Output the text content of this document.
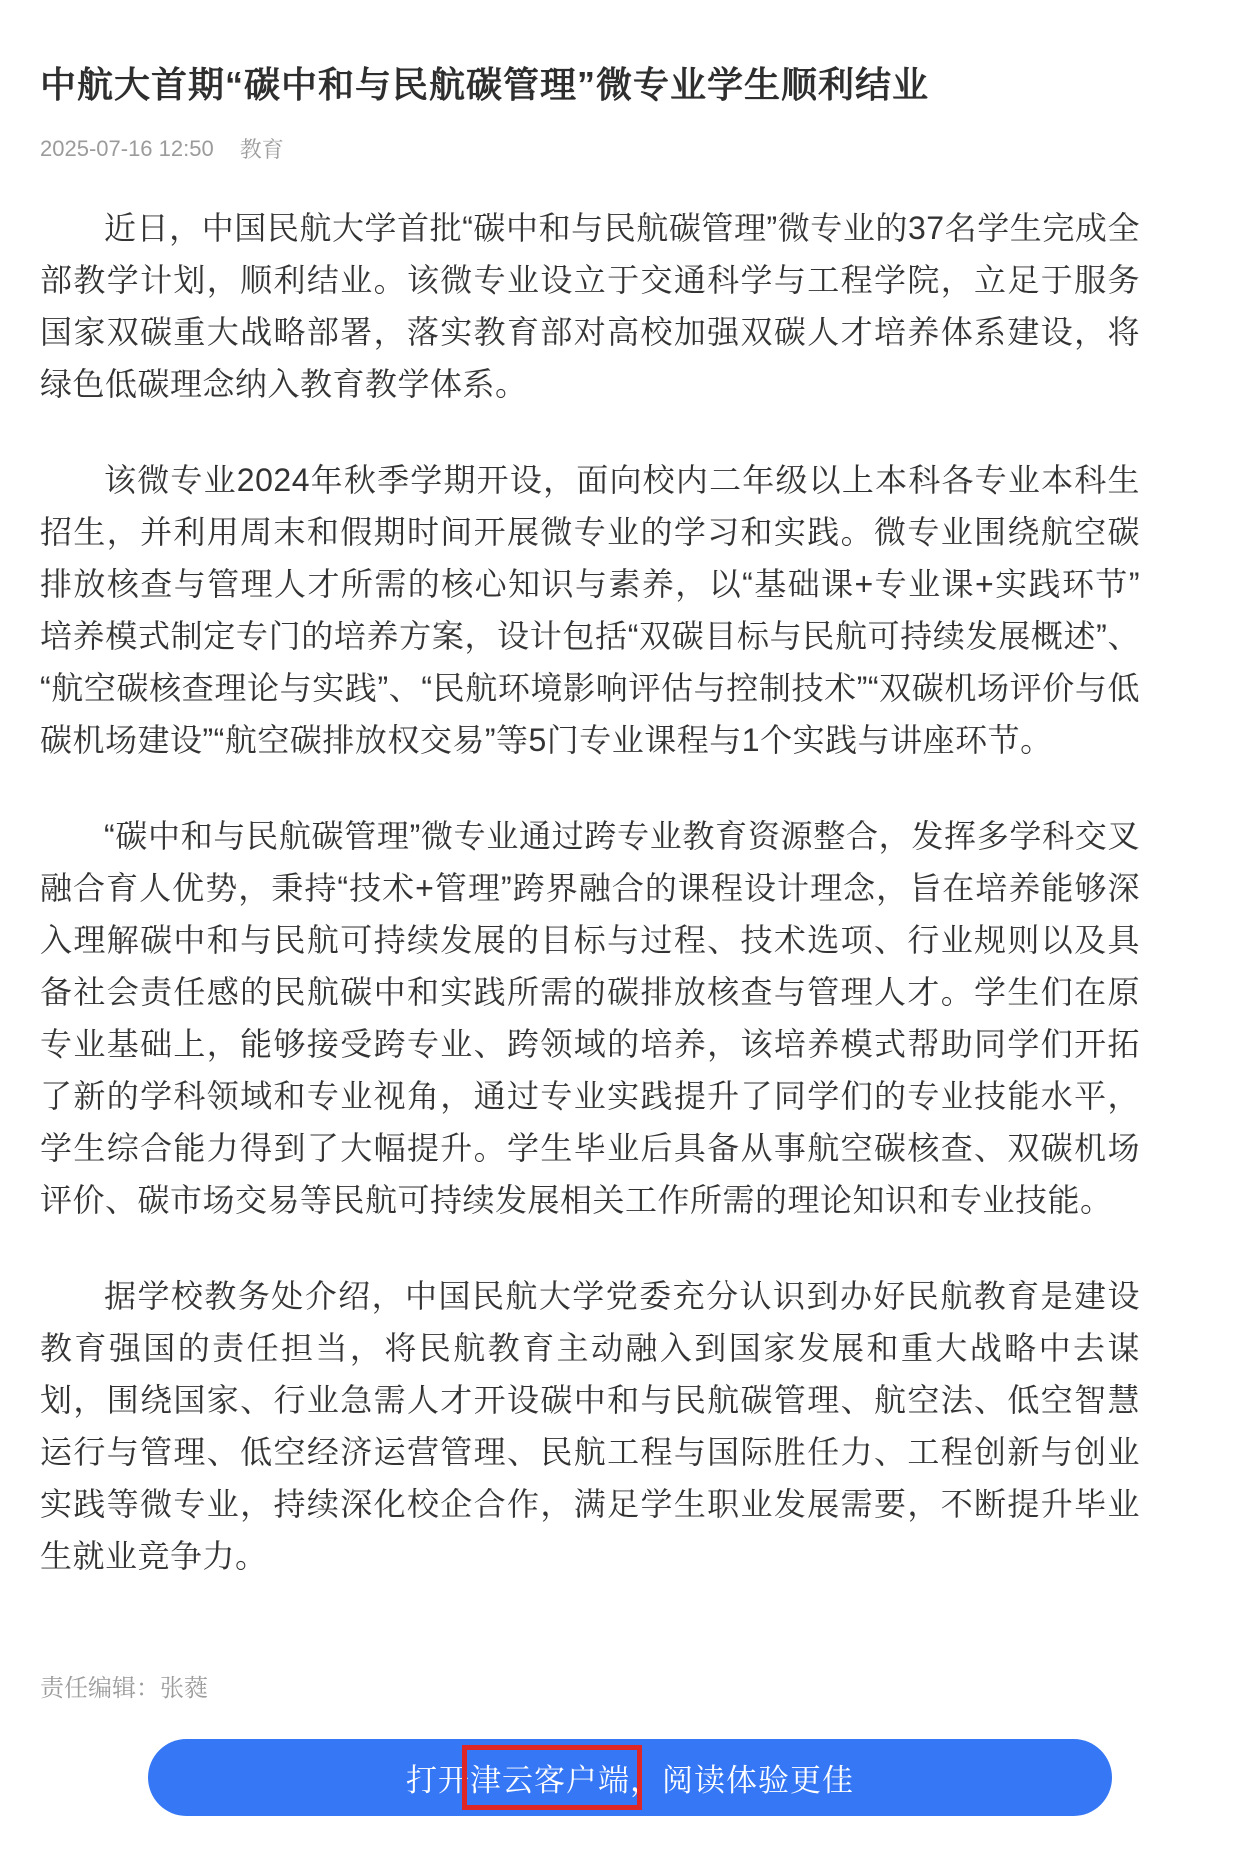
中航大首期“碳中和与民航碳管理”微专业学生顺利结业
2025-07-16 12:50 教育

近日，中国民航大学首批“碳中和与民航碳管理”微专业的37名学生完成全部教学计划，顺利结业。该微专业设立于交通科学与工程学院，立足于服务国家双碳重大战略部署，落实教育部对高校加强双碳人才培养体系建设，将绿色低碳理念纳入教育教学体系。

该微专业2024年秋季学期开设，面向校内二年级以上本科各专业本科生招生，并利用周末和假期时间开展微专业的学习和实践。微专业围绕航空碳排放核查与管理人才所需的核心知识与素养，以“基础课+专业课+实践环节”培养模式制定专门的培养方案，设计包括“双碳目标与民航可持续发展概述”、“航空碳核查理论与实践”、“民航环境影响评估与控制技术”“双碳机场评价与低碳机场建设”“航空碳排放权交易”等5门专业课程与1个实践与讲座环节。

“碳中和与民航碳管理”微专业通过跨专业教育资源整合，发挥多学科交叉融合育人优势，秉持“技术+管理”跨界融合的课程设计理念，旨在培养能够深入理解碳中和与民航可持续发展的目标与过程、技术选项、行业规则以及具备社会责任感的民航碳中和实践所需的碳排放核查与管理人才。学生们在原专业基础上，能够接受跨专业、跨领域的培养，该培养模式帮助同学们开拓了新的学科领域和专业视角，通过专业实践提升了同学们的专业技能水平，学生综合能力得到了大幅提升。学生毕业后具备从事航空碳核查、双碳机场评价、碳市场交易等民航可持续发展相关工作所需的理论知识和专业技能。

据学校教务处介绍，中国民航大学党委充分认识到办好民航教育是建设教育强国的责任担当，将民航教育主动融入到国家发展和重大战略中去谋划，围绕国家、行业急需人才开设碳中和与民航碳管理、航空法、低空智慧运行与管理、低空经济运营管理、民航工程与国际胜任力、工程创新与创业实践等微专业，持续深化校企合作，满足学生职业发展需要，不断提升毕业生就业竞争力。

责任编辑：张蕤
打开 津云客户端 ，阅读体验更佳
